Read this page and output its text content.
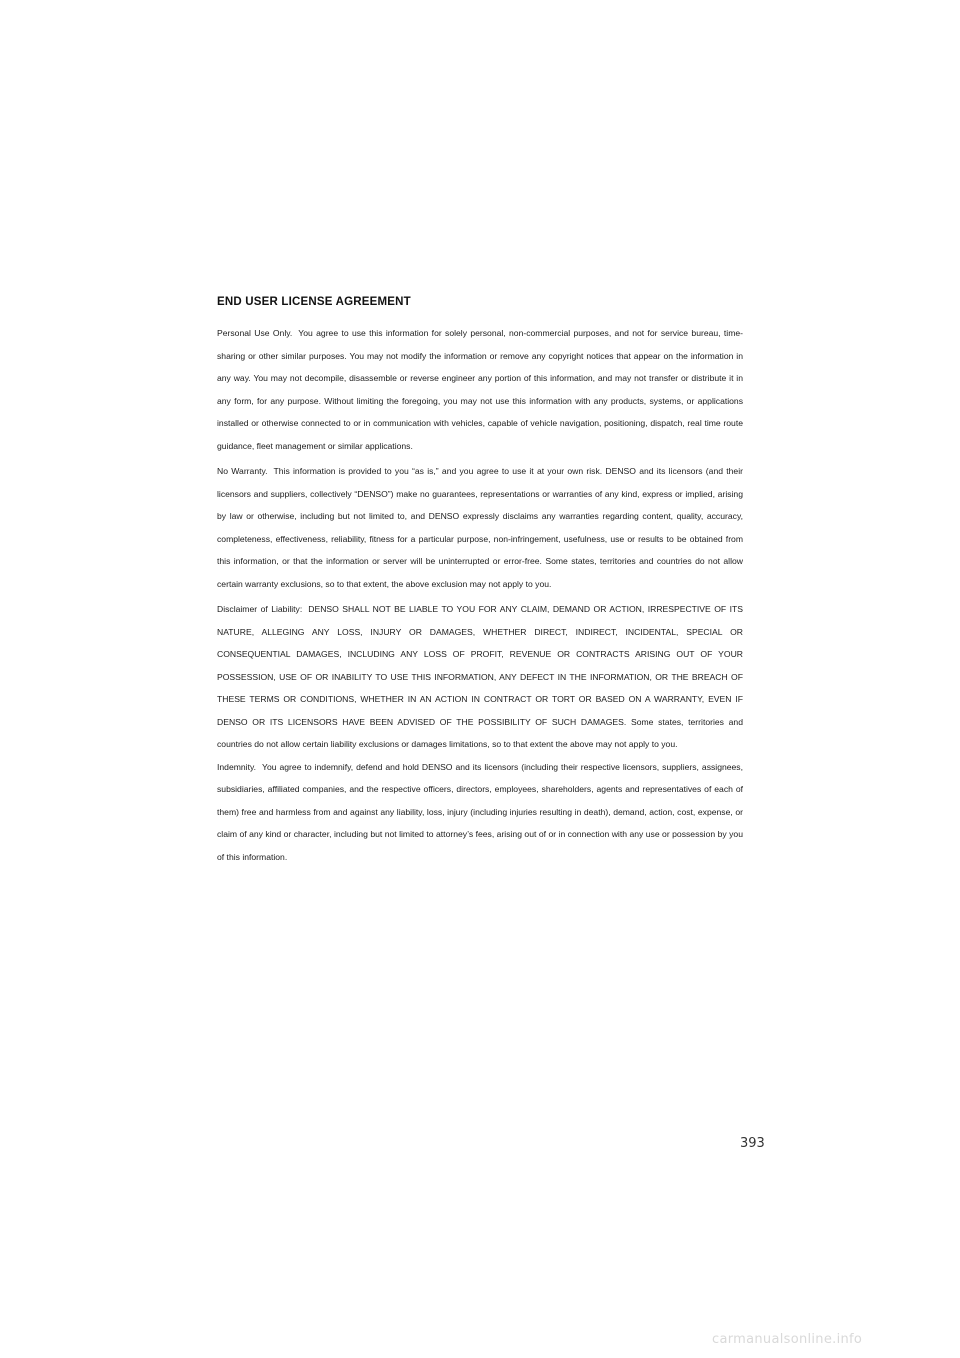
END USER LICENSE AGREEMENT

Personal Use Only. You agree to use this information for solely personal, non-commercial purposes, and not for service bureau, time-sharing or other similar purposes. You may not modify the information or remove any copyright notices that appear on the information in any way. You may not decompile, disassemble or reverse engineer any portion of this information, and may not transfer or distribute it in any form, for any purpose. Without limiting the foregoing, you may not use this information with any products, systems, or applications installed or otherwise connected to or in communication with vehicles, capable of vehicle navigation, positioning, dispatch, real time route guidance, fleet management or similar applications.

No Warranty. This information is provided to you “as is,” and you agree to use it at your own risk. DENSO and its licensors (and their licensors and suppliers, collectively “DENSO”) make no guarantees, representations or warranties of any kind, express or implied, arising by law or otherwise, including but not limited to, and DENSO expressly disclaims any warranties regarding content, quality, accuracy, completeness, effectiveness, reliability, fitness for a particular purpose, non-infringement, usefulness, use or results to be obtained from this information, or that the information or server will be uninterrupted or error-free. Some states, territories and countries do not allow certain warranty exclusions, so to that extent, the above exclusion may not apply to you.

Disclaimer of Liability: DENSO SHALL NOT BE LIABLE TO YOU FOR ANY CLAIM, DEMAND OR ACTION, IRRESPECTIVE OF ITS NATURE, ALLEGING ANY LOSS, INJURY OR DAMAGES, WHETHER DIRECT, INDIRECT, INCIDENTAL, SPECIAL OR CONSEQUENTIAL DAMAGES, INCLUDING ANY LOSS OF PROFIT, REVENUE OR CONTRACTS ARISING OUT OF YOUR POSSESSION, USE OF OR INABILITY TO USE THIS INFORMATION, ANY DEFECT IN THE INFORMATION, OR THE BREACH OF THESE TERMS OR CONDITIONS, WHETHER IN AN ACTION IN CONTRACT OR TORT OR BASED ON A WARRANTY, EVEN IF DENSO OR ITS LICENSORS HAVE BEEN ADVISED OF THE POSSIBILITY OF SUCH DAMAGES. Some states, territories and countries do not allow certain liability exclusions or damages limitations, so to that extent the above may not apply to you.

Indemnity. You agree to indemnify, defend and hold DENSO and its licensors (including their respective licensors, suppliers, assignees, subsidiaries, affiliated companies, and the respective officers, directors, employees, shareholders, agents and representatives of each of them) free and harmless from and against any liability, loss, injury (including injuries resulting in death), demand, action, cost, expense, or claim of any kind or character, including but not limited to attorney’s fees, arising out of or in connection with any use or possession by you of this information.

393
carmanualsonline.info
